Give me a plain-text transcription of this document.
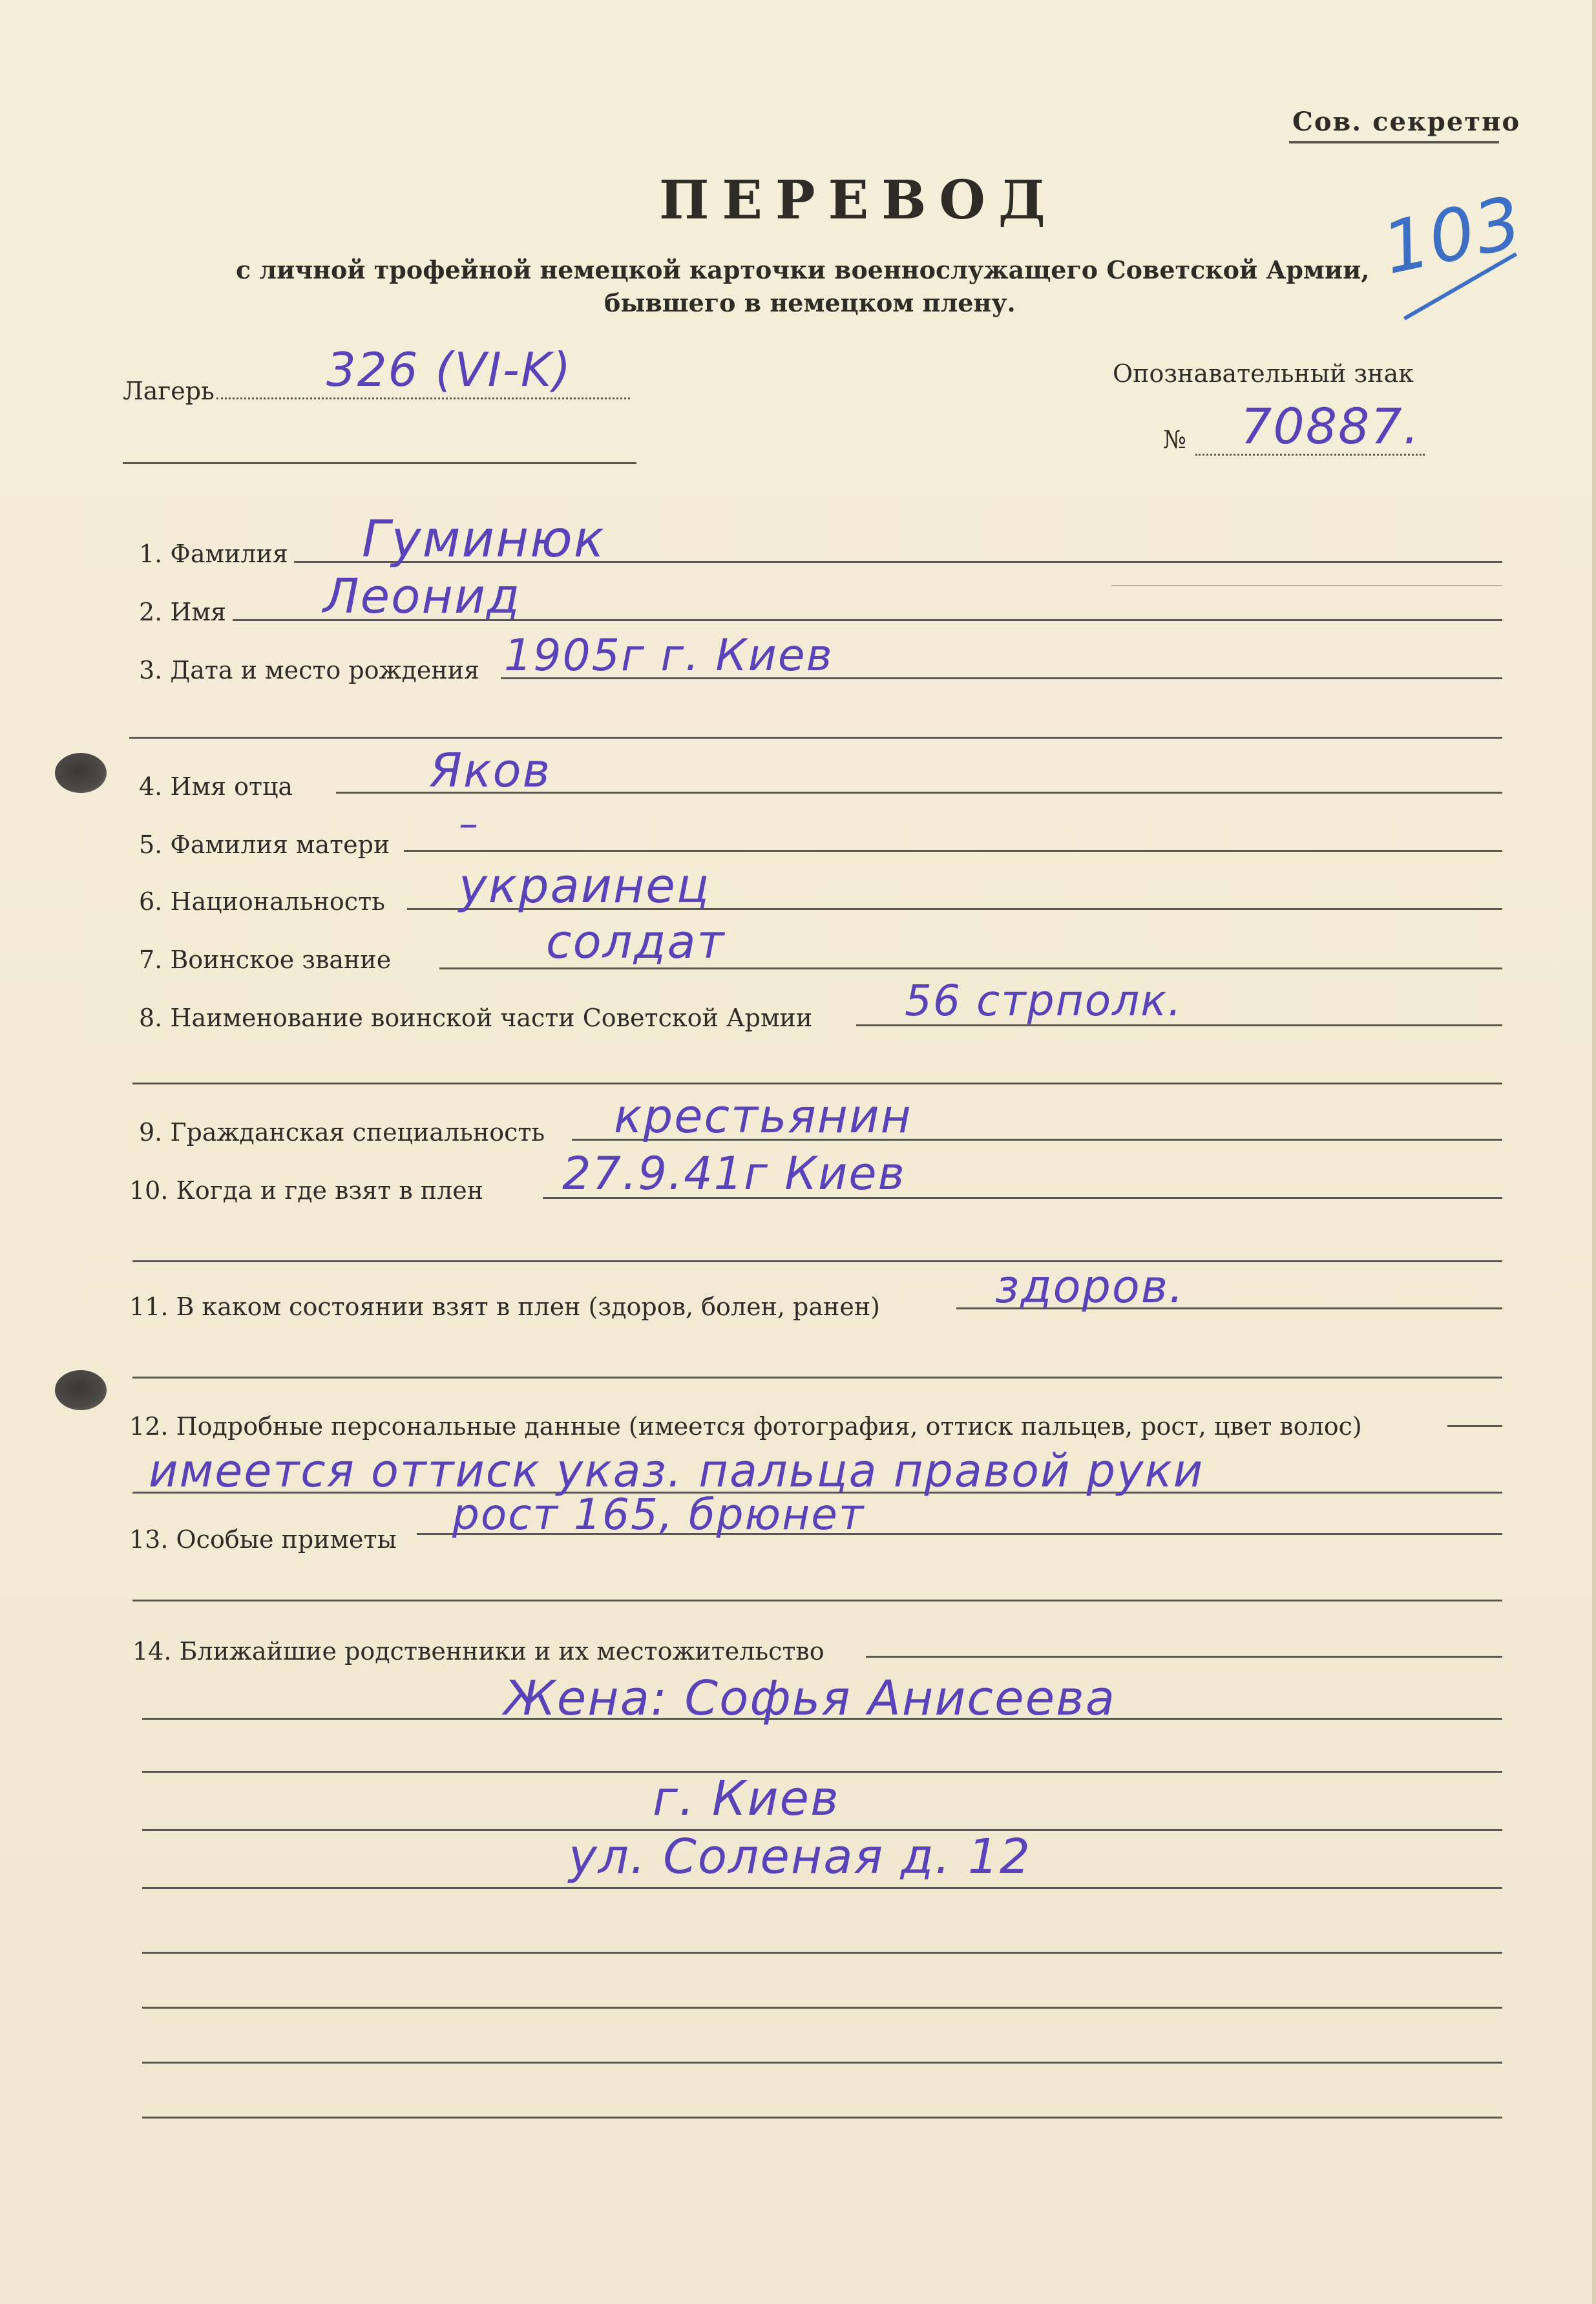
Сов. секретно
ПЕРЕВОД
с личной трофейной немецкой карточки военнослужащего Советской Армии,
бывшего в немецком плену.
103
Лагерь 326 (VI-K)	Опознавательный знак
№ 70887.
1. Фамилия Гуминюк
2. Имя Леонид
3. Дата и место рождения 1905г г. Киев
4. Имя отца	Яков
5. Фамилия матери –
6. Национальность украинец
7. Воинское звание	солдат
8. Наименование воинской части Советской Армии 56 стрполк.
9. Гражданская специальность крестьянин
10. Когда и где взят в плен 27.9.41г Киев
11. В каком состоянии взят в плен (здоров, болен, ранен)	здоров.
12. Подробные персональные данные (имеется фотография, оттиск пальцев, рост, цвет волос)
имеется оттиск указ. пальца правой руки
13. Особые приметы рост 165, брюнет
14. Ближайшие родственники и их местожительство
Жена: Софья Анисеева
г. Киев
ул. Соленая д. 12
